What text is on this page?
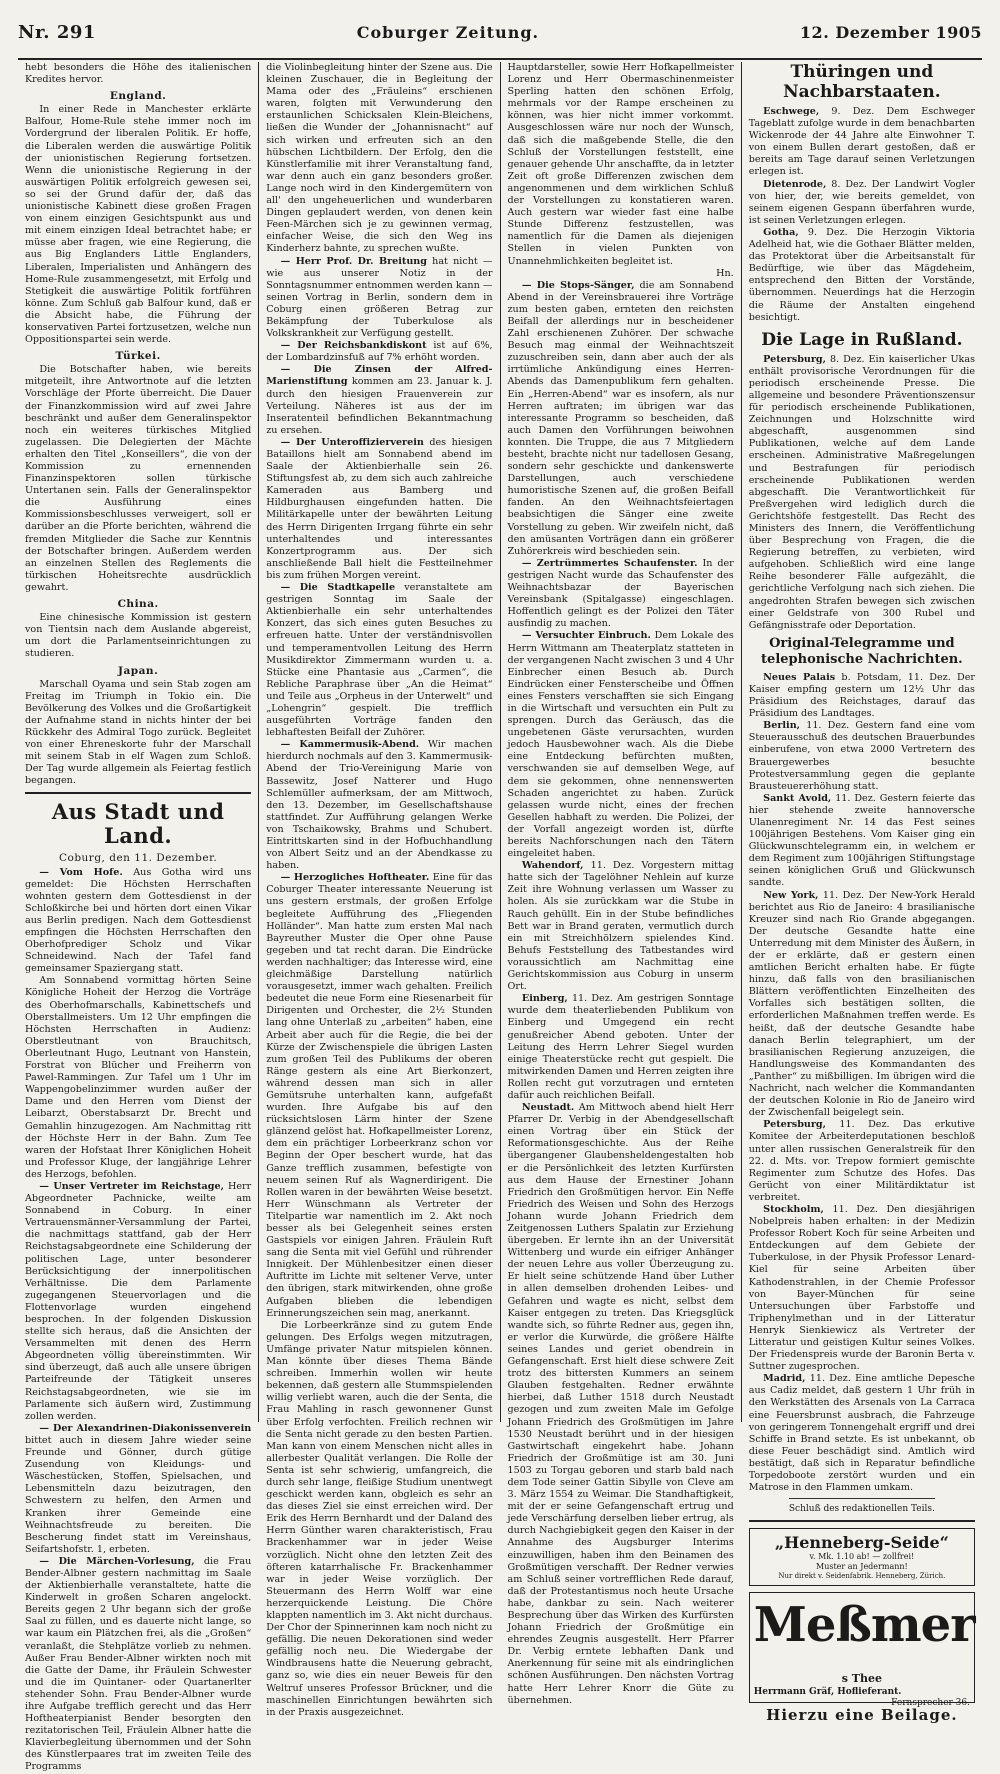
Nr. 291	Coburger Zeitung.	12. Dezember 1905

hebt besonders die Höhe des italienischen Kredites hervor.

England.

In einer Rede in Manchester erklärte Balfour, Home-Rule stehe immer noch im Vordergrund der liberalen Politik. Er hoffe, die Liberalen werden die auswärtige Politik der unionistischen Regierung fortsetzen. Wenn die unionistische Regierung in der auswärtigen Politik erfolgreich gewesen sei, so sei der Grund dafür der, daß das unionistische Kabinett diese großen Fragen von einem einzigen Gesichtspunkt aus und mit einem einzigen Ideal betrachtet habe; er müsse aber fragen, wie eine Regierung, die aus Big Englanders Little Englanders, Liberalen, Imperialisten und Anhängern des Home-Rule zusammengesetzt, mit Erfolg und Stetigkeit die auswärtige Politik fortführen könne. Zum Schluß gab Balfour kund, daß er die Absicht habe, die Führung der konservativen Partei fortzusetzen, welche nun Oppositionspartei sein werde.

Türkei.

Die Botschafter haben, wie bereits mitgeteilt, ihre Antwortnote auf die letzten Vorschläge der Pforte überreicht. Die Dauer der Finanzkommission wird auf zwei Jahre beschränkt und außer dem Generalinspektor noch ein weiteres türkisches Mitglied zugelassen. Die Delegierten der Mächte erhalten den Titel „Konseillers“, die von der Kommission zu ernennenden Finanzinspektoren sollen türkische Untertanen sein. Falls der Generalinspektor die Ausführung eines Kommissionsbeschlusses verweigert, soll er darüber an die Pforte berichten, während die fremden Mitglieder die Sache zur Kenntnis der Botschafter bringen. Außerdem werden an einzelnen Stellen des Reglements die türkischen Hoheitsrechte ausdrücklich gewahrt.

China.

Eine chinesische Kommission ist gestern von Tientsin nach dem Auslande abgereist, um dort die Parlamentseinrichtungen zu studieren.

Japan.

Marschall Oyama und sein Stab zogen am Freitag im Triumph in Tokio ein. Die Bevölkerung des Volkes und die Großartigkeit der Aufnahme stand in nichts hinter der bei Rückkehr des Admiral Togo zurück. Begleitet von einer Ehreneskorte fuhr der Marschall mit seinem Stab in elf Wagen zum Schloß. Der Tag wurde allgemein als Feiertag festlich begangen.

Aus Stadt und Land.
Coburg, den 11. Dezember.

— Vom Hofe. Aus Gotha wird uns gemeldet: Die Höchsten Herrschaften wohnten gestern dem Gottesdienst in der Schloßkirche bei und hörten dort einen Vikar aus Berlin predigen. Nach dem Gottesdienst empfingen die Höchsten Herrschaften den Oberhofprediger Scholz und Vikar Schneidewind. Nach der Tafel fand gemeinsamer Spaziergang statt.

Am Sonnabend vormittag hörten Seine Königliche Hoheit der Herzog die Vorträge des Oberhofmarschalls, Kabinettschefs und Oberstallmeisters. Um 12 Uhr empfingen die Höchsten Herrschaften in Audienz: Oberstleutnant von Brauchitsch, Oberleutnant Hugo, Leutnant von Hanstein, Forstrat von Blücher und Freiherrn von Pawel-Rammingen. Zur Tafel um 1 Uhr im Wappengobelinzimmer wurden außer der Dame und den Herren vom Dienst der Leibarzt, Oberstabsarzt Dr. Brecht und Gemahlin hinzugezogen. Am Nachmittag ritt der Höchste Herr in der Bahn. Zum Tee waren der Hofstaat Ihrer Königlichen Hoheit und Professor Kluge, der langjährige Lehrer des Herzogs, befohlen.

— Unser Vertreter im Reichstage, Herr Abgeordneter Pachnicke, weilte am Sonnabend in Coburg. In einer Vertrauensmänner-Versammlung der Partei, die nachmittags stattfand, gab der Herr Reichstagsabgeordnete eine Schilderung der politischen Lage, unter besonderer Berücksichtigung der innerpolitischen Verhältnisse. Die dem Parlamente zugegangenen Steuervorlagen und die Flottenvorlage wurden eingehend besprochen. In der folgenden Diskussion stellte sich heraus, daß die Ansichten der Versammelten mit denen des Herrn Abgeordneten völlig übereinstimmten. Wir sind überzeugt, daß auch alle unsere übrigen Parteifreunde der Tätigkeit unseres Reichstagsabgeordneten, wie sie im Parlamente sich äußern wird, Zustimmung zollen werden.

— Der Alexandrinen-Diakonissenverein bittet auch in diesem Jahre wieder seine Freunde und Gönner, durch gütige Zusendung von Kleidungs- und Wäschestücken, Stoffen, Spielsachen, und Lebensmitteln dazu beizutragen, den Schwestern zu helfen, den Armen und Kranken ihrer Gemeinde eine Weihnachtsfreude zu bereiten. Die Bescherung findet statt im Vereinshaus, Seifartshofstr. 1, erbeten.

— Die Märchen-Vorlesung, die Frau Bender-Albner gestern nachmittag im Saale der Aktienbierhalle veranstaltete, hatte die Kinderwelt in großen Scharen angelockt. Bereits gegen 2 Uhr begann sich der große Saal zu füllen, und es dauerte nicht lange, so war kaum ein Plätzchen frei, als die „Großen“ veranlaßt, die Stehplätze vorlieb zu nehmen. Außer Frau Bender-Albner wirkten noch mit die Gatte der Dame, ihr Fräulein Schwester und die im Quintaner- oder Quartanerlter stehender Sohn. Frau Bender-Albner wurde ihre Aufgabe trefflich gerecht und das Herr Hoftheaterpianist Bender besorgten den rezitatorischen Teil, Fräulein Albner hatte die Klavierbegleitung übernommen und der Sohn des Künstlerpaares trat im zweiten Teile des Programms

die Violinbegleitung hinter der Szene aus. Die kleinen Zuschauer, die in Begleitung der Mama oder des „Fräuleins“ erschienen waren, folgten mit Verwunderung den erstaunlichen Schicksalen Klein-Bleichens, ließen die Wunder der „Johannisnacht“ auf sich wirken und erfreuten sich an den hübschen Lichtbildern. Der Erfolg, den die Künstlerfamilie mit ihrer Veranstaltung fand, war denn auch ein ganz besonders großer. Lange noch wird in den Kindergemütern von all' den ungeheuerlichen und wunderbaren Dingen geplaudert werden, von denen kein Feen-Märchen sich je zu gewinnen vermag, einfacher Weise, die sich den Weg ins Kinderherz bahnte, zu sprechen wußte.

— Herr Prof. Dr. Breitung hat nicht — wie aus unserer Notiz in der Sonntagsnummer entnommen werden kann — seinen Vortrag in Berlin, sondern dem in Coburg einen größeren Betrag zur Bekämpfung der Tuberkulose als Volkskrankheit zur Verfügung gestellt.

— Der Reichsbankdiskont ist auf 6%, der Lombardzinsfuß auf 7% erhöht worden.

— Die Zinsen der Alfred-Marienstiftung kommen am 23. Januar k. J. durch den hiesigen Frauenverein zur Verteilung. Näheres ist aus der im Inseratenteil befindlichen Bekanntmachung zu ersehen.

— Der Unteroffizierverein des hiesigen Bataillons hielt am Sonnabend abend im Saale der Aktienbierhalle sein 26. Stiftungsfest ab, zu dem sich auch zahlreiche Kameraden aus Bamberg und Hildburghausen eingefunden hatten. Die Militärkapelle unter der bewährten Leitung des Herrn Dirigenten Irrgang führte ein sehr unterhaltendes und interessantes Konzertprogramm aus. Der sich anschließende Ball hielt die Festteilnehmer bis zum frühen Morgen vereint.

— Die Stadtkapelle veranstaltete am gestrigen Sonntag im Saale der Aktienbierhalle ein sehr unterhaltendes Konzert, das sich eines guten Besuches zu erfreuen hatte. Unter der verständnisvollen und temperamentvollen Leitung des Herrn Musikdirektor Zimmermann wurden u. a. Stücke eine Phantasie aus „Carmen“, die Rebliche Paraphrase über „An die Heimat“ und Teile aus „Orpheus in der Unterwelt“ und „Lohengrin“ gespielt. Die trefflich ausgeführten Vorträge fanden den lebhaftesten Beifall der Zuhörer.

— Kammermusik-Abend. Wir machen hierdurch nochmals auf den 3. Kammermusik-Abend der Trio-Vereinigung Marie von Bassewitz, Josef Natterer und Hugo Schlemüller aufmerksam, der am Mittwoch, den 13. Dezember, im Gesellschaftshause stattfindet. Zur Aufführung gelangen Werke von Tschaikowsky, Brahms und Schubert. Eintrittskarten sind in der Hofbuchhandlung von Albert Seitz und an der Abendkasse zu haben.

— Herzogliches Hoftheater. Eine für das Coburger Theater interessante Neuerung ist uns gestern erstmals, der großen Erfolge begleitete Aufführung des „Fliegenden Holländer“. Man hatte zum ersten Mal nach Bayreuther Muster die Oper ohne Pause gegeben und tat recht daran. Die Eindrücke werden nachhaltiger; das Interesse wird, eine gleichmäßige Darstellung natürlich vorausgesetzt, immer wach gehalten. Freilich bedeutet die neue Form eine Riesenarbeit für Dirigenten und Orchester, die 2½ Stunden lang ohne Unterlaß zu „arbeiten“ haben, eine Arbeit aber auch für die Regie, die bei der Kürze der Zwischenspiele die übrigen Lasten zum großen Teil des Publikums der oberen Ränge gestern als eine Art Bierkonzert, während dessen man sich in aller Gemütsruhe unterhalten kann, aufgefaßt wurden. Ihre Aufgabe bis auf den rücksichtslosen Lärm hinter der Szene glänzend gelöst hat. Hofkapellmeister Lorenz, dem ein prächtiger Lorbeerkranz schon vor Beginn der Oper beschert wurde, hat das Ganze trefflich zusammen, befestigte von neuem seinen Ruf als Wagnerdirigent. Die Rollen waren in der bewährten Weise besetzt. Herr Wünschmann als Vertreter der Titelpartie war namentlich im 2. Akt noch besser als bei Gelegenheit seines ersten Gastspiels vor einigen Jahren. Fräulein Ruft sang die Senta mit viel Gefühl und rührender Innigkeit. Der Mühlenbesitzer einen dieser Auftritte im Lichte mit seltener Verve, unter den übrigen, stark mitwirkenden, ohne große Aufgaben blieben die lebendigen Erinnerungszeichen sein mag, anerkannt.

Die Lorbeerkränze sind zu gutem Ende gelungen. Des Erfolgs wegen mitzutragen, Umfänge privater Natur mitspielen können. Man könnte über dieses Thema Bände schreiben. Immerhin wollen wir heute bekennen, daß gestern alle Stummspielenden willig verliebt waren, auch die der Senta, die Frau Mahling in rasch gewonnener Gunst über Erfolg verfochten. Freilich rechnen wir die Senta nicht gerade zu den besten Partien. Man kann von einem Menschen nicht alles in allerbester Qualität verlangen. Die Rolle der Senta ist sehr schwierig, umfangreich, die durch sehr lange, fleißige Studium unentwegt geschickt werden kann, obgleich es sehr an das dieses Ziel sie einst erreichen wird. Der Erik des Herrn Bernhardt und der Daland des Herrn Günther waren charakteristisch, Frau Brackenhammer war in jeder Weise vorzüglich. Nicht ohne den letzten Zeit des öfteren katarrhalische Fr. Brackenhammer war in jeder Weise vorzüglich. Der Steuermann des Herrn Wolff war eine herzerquickende Leistung. Die Chöre klappten namentlich im 3. Akt nicht durchaus. Der Chor der Spinnerinnen kam noch nicht zu gefällig. Die neuen Dekorationen sind weder gefällig noch neu. Die Wiedergabe der Windbrausens hatte die Neuerung gebracht, ganz so, wie dies ein neuer Beweis für den Weltruf unseres Professor Brückner, und die maschinellen Einrichtungen bewährten sich in der Praxis ausgezeichnet.

Hauptdarsteller, sowie Herr Hofkapellmeister Lorenz und Herr Obermaschinenmeister Sperling hatten den schönen Erfolg, mehrmals vor der Rampe erscheinen zu können, was hier nicht immer vorkommt. Ausgeschlossen wäre nur noch der Wunsch, daß sich die maßgebende Stelle, die den Schluß der Vorstellungen feststellt, eine genauer gehende Uhr anschaffte, da in letzter Zeit oft große Differenzen zwischen dem angenommenen und dem wirklichen Schluß der Vorstellungen zu konstatieren waren. Auch gestern war wieder fast eine halbe Stunde Differenz festzustellen, was namentlich für die Damen als diejenigen Stellen in vielen Punkten von Unannehmlichkeiten begleitet ist.

Hn.

— Die Stops-Sänger, die am Sonnabend Abend in der Vereinsbrauerei ihre Vorträge zum besten gaben, ernteten den reichsten Beifall der allerdings nur in bescheidener Zahl erschienenen Zuhörer. Der schwache Besuch mag einmal der Weihnachtszeit zuzuschreiben sein, dann aber auch der als irrtümliche Ankündigung eines Herren-Abends das Damenpublikum fern gehalten. Ein „Herren-Abend“ war es insofern, als nur Herren auftraten; im übrigen war das interessante Programm so bescheiden, daß auch Damen den Vorführungen beiwohnen konnten. Die Truppe, die aus 7 Mitgliedern besteht, brachte nicht nur tadellosen Gesang, sondern sehr geschickte und dankenswerte Darstellungen, auch verschiedene humoristische Szenen auf, die großen Beifall fanden. An den Weihnachtsfeiertagen beabsichtigen die Sänger eine zweite Vorstellung zu geben. Wir zweifeln nicht, daß den amüsanten Vorträgen dann ein größerer Zuhörerkreis wird beschieden sein.

— Zertrümmertes Schaufenster. In der gestrigen Nacht wurde das Schaufenster des Weihnachtsbazar der Bayerischen Vereinsbank (Spitalgasse) eingeschlagen. Hoffentlich gelingt es der Polizei den Täter ausfindig zu machen.

— Versuchter Einbruch. Dem Lokale des Herrn Wittmann am Theaterplatz statteten in der vergangenen Nacht zwischen 3 und 4 Uhr Einbrecher einen Besuch ab. Durch Eindrücken einer Fensterscheibe und Öffnen eines Fensters verschafften sie sich Eingang in die Wirtschaft und versuchten ein Pult zu sprengen. Durch das Geräusch, das die ungebetenen Gäste verursachten, wurden jedoch Hausbewohner wach. Als die Diebe eine Entdeckung befürchten mußten, verschwanden sie auf demselben Wege, auf dem sie gekommen, ohne nennenswerten Schaden angerichtet zu haben. Zurück gelassen wurde nicht, eines der frechen Gesellen habhaft zu werden. Die Polizei, der der Vorfall angezeigt worden ist, dürfte bereits Nachforschungen nach den Tätern eingeleitet haben.

Wahendorf, 11. Dez. Vorgestern mittag hatte sich der Tagelöhner Nehlein auf kurze Zeit ihre Wohnung verlassen um Wasser zu holen. Als sie zurückkam war die Stube in Rauch gehüllt. Ein in der Stube befindliches Bett war in Brand geraten, vermutlich durch ein mit Streichhölzern spielendes Kind. Behufs Feststellung des Tatbestandes wird voraussichtlich am Nachmittag eine Gerichtskommission aus Coburg in unserm Ort.

Einberg, 11. Dez. Am gestrigen Sonntage wurde dem theaterliebenden Publikum von Einberg und Umgegend ein recht genußreicher Abend geboten. Unter der Leitung des Herrn Lehrer Siegel wurden einige Theaterstücke recht gut gespielt. Die mitwirkenden Damen und Herren zeigten ihre Rollen recht gut vorzutragen und ernteten dafür auch reichlichen Beifall.

Neustadt. Am Mittwoch abend hielt Herr Pfarrer Dr. Verbig in der Abendgesellschaft einen Vortrag über ein Stück der Reformationsgeschichte. Aus der Reihe übergangener Glaubensheldengestalten hob er die Persönlichkeit des letzten Kurfürsten aus dem Hause der Ernestiner Johann Friedrich den Großmütigen hervor. Ein Neffe Friedrich des Weisen und Sohn des Herzogs Johann wurde Johann Friedrich dem Zeitgenossen Luthers Spalatin zur Erziehung übergeben. Er lernte ihn an der Universität Wittenberg und wurde ein eifriger Anhänger der neuen Lehre aus voller Überzeugung zu. Er hielt seine schützende Hand über Luther in allen demselben drohenden Leibes- und Gefahren und wagte es nicht, selbst dem Kaiser entgegen zu treten. Das Kriegsglück wandte sich, so führte Redner aus, gegen ihn, er verlor die Kurwürde, die größere Hälfte seines Landes und geriet obendrein in Gefangenschaft. Erst hielt diese schwere Zeit trotz des bittersten Kummers an seinem Glauben festgehalten. Redner erwähnte hierbei, daß Luther 1518 durch Neustadt gezogen und zum zweiten Male im Gefolge Johann Friedrich des Großmütigen im Jahre 1530 Neustadt berührt und in der hiesigen Gastwirtschaft eingekehrt habe. Johann Friedrich der Großmütige ist am 30. Juni 1503 zu Torgau geboren und starb bald nach dem Tode seiner Gattin Sibylle von Cleve am 3. März 1554 zu Weimar. Die Standhaftigkeit, mit der er seine Gefangenschaft ertrug und jede Verschärfung derselben lieber ertrug, als durch Nachgiebigkeit gegen den Kaiser in der Annahme des Augsburger Interims einzuwilligen, haben ihm den Beinamen des Großmütigen verschafft. Der Redner verwies am Schluß seiner vortrefflichen Rede darauf, daß der Protestantismus noch heute Ursache habe, dankbar zu sein. Nach weiterer Besprechung über das Wirken des Kurfürsten Johann Friedrich der Großmütige ein ehrendes Zeugnis ausgestellt. Herr Pfarrer Dr. Verbig erntete lebhaften Dank und Anerkennung für seine mit als eindringlichen schönen Ausführungen. Den nächsten Vortrag hatte Herr Lehrer Knorr die Güte zu übernehmen.

Thüringen und Nachbarstaaten.

Eschwege, 9. Dez. Dem Eschweger Tageblatt zufolge wurde in dem benachbarten Wickenrode der 44 Jahre alte Einwohner T. von einem Bullen derart gestoßen, daß er bereits am Tage darauf seinen Verletzungen erlegen ist.

Dietenrode, 8. Dez. Der Landwirt Vogler von hier, der, wie bereits gemeldet, von seinem eigenen Gespann überfahren wurde, ist seinen Verletzungen erlegen.

Gotha, 9. Dez. Die Herzogin Viktoria Adelheid hat, wie die Gothaer Blätter melden, das Protektorat über die Arbeitsanstalt für Bedürftige, wie über das Mägdeheim, entsprechend den Bitten der Vorstände, übernommen. Neuerdings hat die Herzogin die Räume der Anstalten eingehend besichtigt.

Die Lage in Rußland.

Petersburg, 8. Dez. Ein kaiserlicher Ukas enthält provisorische Verordnungen für die periodisch erscheinende Presse. Die allgemeine und besondere Präventionszensur für periodisch erscheinende Publikationen, Zeichnungen und Holzschnitte wird abgeschafft, ausgenommen sind Publikationen, welche auf dem Lande erscheinen. Administrative Maßregelungen und Bestrafungen für periodisch erscheinende Publikationen werden abgeschafft. Die Verantwortlichkeit für Preßvergehen wird lediglich durch die Gerichtshöfe festgestellt. Das Recht des Ministers des Innern, die Veröffentlichung über Besprechung von Fragen, die die Regierung betreffen, zu verbieten, wird aufgehoben. Schließlich wird eine lange Reihe besonderer Fälle aufgezählt, die gerichtliche Verfolgung nach sich ziehen. Die angedrohten Strafen bewegen sich zwischen einer Geldstrafe von 300 Rubel und Gefängnisstrafe oder Deportation.

Original-Telegramme und telephonische Nachrichten.

Neues Palais b. Potsdam, 11. Dez. Der Kaiser empfing gestern um 12½ Uhr das Präsidium des Reichstages, darauf das Präsidium des Landtages.

Berlin, 11. Dez. Gestern fand eine vom Steuerausschuß des deutschen Brauerbundes einberufene, von etwa 2000 Vertretern des Brauergewerbes besuchte Protestversammlung gegen die geplante Brausteuererhöhung statt.

Sankt Avold, 11. Dez. Gestern feierte das hier stehende zweite hannoversche Ulanenregiment Nr. 14 das Fest seines 100jährigen Bestehens. Vom Kaiser ging ein Glückwunschtelegramm ein, in welchem er dem Regiment zum 100jährigen Stiftungstage seinen königlichen Gruß und Glückwunsch sandte.

New York, 11. Dez. Der New-York Herald berichtet aus Rio de Janeiro: 4 brasilianische Kreuzer sind nach Rio Grande abgegangen. Der deutsche Gesandte hatte eine Unterredung mit dem Minister des Äußern, in der er erklärte, daß er gestern einen amtlichen Bericht erhalten habe. Er fügte hinzu, daß falls von den brasilianischen Blättern veröffentlichten Einzelheiten des Vorfalles sich bestätigen sollten, die erforderlichen Maßnahmen treffen werde. Es heißt, daß der deutsche Gesandte habe danach Berlin telegraphiert, um der brasilianischen Regierung anzuzeigen, die Handlungsweise des Kommandanten des „Panther“ zu mißbilligen. Im übrigen wird die Nachricht, nach welcher die Kommandanten der deutschen Kolonie in Rio de Janeiro wird der Zwischenfall beigelegt sein.

Petersburg, 11. Dez. Das erkutive Komitee der Arbeiterdeputationen beschloß unter allen russischen Generalstreik für den 22. d. Mts. vor. Trepow formiert gemischte Regimenter zum Schutze des Hofes. Das Gerücht von einer Militärdiktatur ist verbreitet.

Stockholm, 11. Dez. Den diesjährigen Nobelpreis haben erhalten: in der Medizin Professor Robert Koch für seine Arbeiten und Entdeckungen auf dem Gebiete der Tuberkulose, in der Physik Professor Lenard-Kiel für seine Arbeiten über Kathodenstrahlen, in der Chemie Professor von Bayer-München für seine Untersuchungen über Farbstoffe und Triphenylmethan und in der Litteratur Henryk Sienkiewicz als Vertreter der Litteratur und geistigen Kultur seines Volkes. Der Friedenspreis wurde der Baronin Berta v. Suttner zugesprochen.

Madrid, 11. Dez. Eine amtliche Depesche aus Cadiz meldet, daß gestern 1 Uhr früh in den Werkstätten des Arsenals von La Carraca eine Feuersbrunst ausbrach, die Fahrzeuge von geringerem Tonnengehalt ergriff und drei Schiffe in Brand setzte. Es ist unbekannt, ob diese Feuer beschädigt sind. Amtlich wird bestätigt, daß sich in Reparatur befindliche Torpedoboote zerstört wurden und ein Matrose in den Flammen umkam.

Schluß des redaktionellen Teils.
„Henneberg-Seide“
v. Mk. 1.10 ab! — zollfrei!
Muster an Jedermann!
Nur direkt v. Seidenfabrik. Henneberg, Zürich.
Meßmers Thee
Herrmann Gräf, Hoflieferant.
Fernsprecher 36.
Hierzu eine Beilage.
